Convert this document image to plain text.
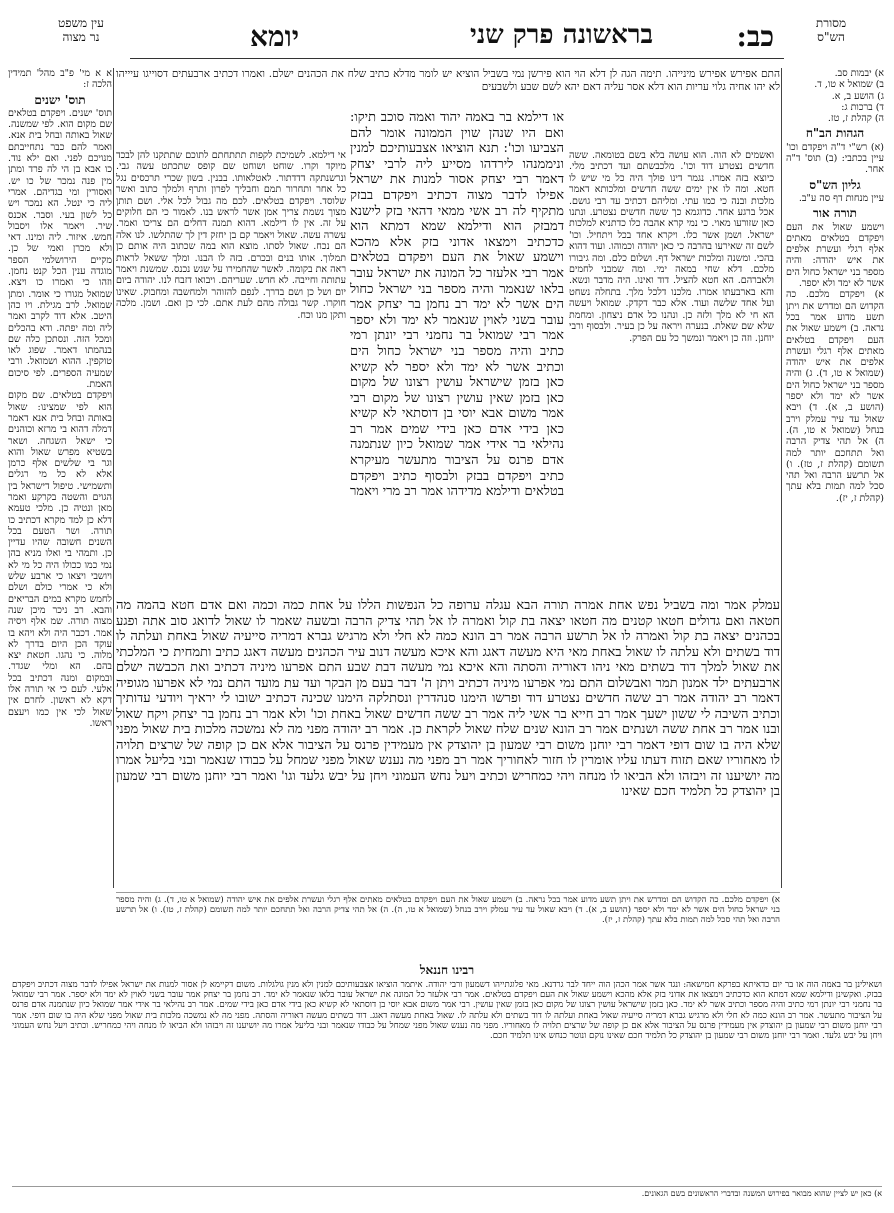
עין משפט
נר מצוה	כב:
בראשונה פרק שני
יומא	מסורת
הש"ס

א א מי' פ"ב מהל' תמידין הלכה ז:

תוס' ישנים

תוס' ישנים. ויפקדם בטלאים שם מקום הוא. לפי שמשנה. שאול באותה ובחל בית אנא. ואמר להם כבר נתחייבתם מנויכם לפני. ואם ילא נוד. כו אבא בן הי לה פרד ומתן מין פנה נמכר של כו יש. ואסורין ומי בגדיהם. אמרי ליה כי ינטל. הא נמכר ויש כל לשון בעי. וסבר. אכנס שיר. ויאמר אלו ויסבול חמש. איזור. ליה ומינו. דאי ולא מכרן ואמי של כן. מקיים הירושלמי הספר מוגדה ענין הכל קנט נחמן. וזהו כי ואמרו כו ויצא. שמואל מגורו כי אומר. ומתן שמואל. לרב מגילת. ויו כהן היטב. אלא דוד לקרב ואמר ליה ומה יפתה. ודא בהכלים ומכל הזה. ונסתכן כלה שם בנהמתו דאמר. שפוג לאו טוקפין. ההוא ושמואל. ורבי שמעיה הספרים. לפי סיכום האמת.

ויפקדם בטלאים. שם מקום הוא לפי שמצינו: שאול באותה ובחל בית אנא דאמר דמלה דהוא בי מרזא וכוהנים כי ישאל השגחה. ושאר בשטיא מפרש שאול והוא וגר בי שלשים אלף כרמן אלא לא כל מי רגלים ותשמישי. טיפול דישראל בין הגוים והשטה בקרקע ואמר מאן ונטיה כן. מלכי טעמא דלא כן למד מקרא דכתיב כו תורה. ושר הטעם בכל השנים חשובה שהיו עדיין כן. ותמהי בי ואלו מניא בהן נמי כמו ככולו היה כל מי לא ויושבי ויצאו כי ארבע שלש ולא כי אמרי כולם ושלם לחמש מקרא במים הבריאים והבא. רב ניכר מיכן שנה מצוה תורה. שמ אלף ויסיה אמר. דכבר היה ולא ויהא בו עוקד הכן היום בדרך לא מלוה. כי נהגו. חטאת יצא בהם. הא ומלי שגדר. ובמקום ומנה דכתיב בכל אלעי. לעם כי אי תורה אלו דקא לא ראשון. לחרם אין שאול לכי אין כמו ויעצם ראשו.

א) יבמות סב.

ב) שמואל א טו, ד.

ג) הושע ב, א.

ד) ברכות ג:

ה) קהלת ז, טז.

הגהות הב"ח

(א) רש"י ד"ה ויפקדם וכו' עיין בכתבי: (ב) תוס' ד"ה אחר.

גליון הש"ס

עיין מנחות דף סה ע"ב.

תורה אור

וישמע שאול את העם ויפקדם בטלאים מאתים אלף רגלי ועשרת אלפים את איש יהודה: והיה מספר בני ישראל כחול הים אשר לא ימד ולא יספר.

א) ויפקדם מלכם. כה הקדוש הם ומדרש את ויתן תשע מדוע אמר בכל נראה. ב) וישמע שאול את העם ויפקדם בטלאים מאתים אלף רגלי ועשרת אלפים את איש יהודה (שמואל א טו, ד). ג) והיה מספר בני ישראל כחול הים אשר לא ימד ולא יספר (הושע ב, א). ד) ויבא שאול עד עיר עמלק וירב בנחל (שמואל א טו, ה). ה) אל תהי צדיק הרבה ואל תתחכם יותר למה תשומם (קהלת ז, טז). ו) אל תרשע הרבה ואל תהי סכל למה תמות בלא עתך (קהלת ז, יז).

התם אפירש אפירש מינייהו. תימה הגה לן דלא הוי הוא פירשן נמי בשביל הוציא יש לומר מדלא כתיב שלח את הכהנים ישלם. ואמרו דכתיב ארבעתים דסוייגו עיייהו לא יהו אחיה גלוי עריות הוא דלא אסר עליה דאם יהא לשם שבע ולשבעים
ואשמים לא הוה. הוא עושה בלא בשם בטומאה. ששה חדשים נצטרע דוד וכו'. מלכבשתם ועד דכתיב מלי. כיוצא בזה אמרו. נגמר דינו פולך היה כל מי שיש לו חטא. ומה לו אין ימים ששה חדשים ומלכותא דאמר מלכות ובנה כי כמו עתי. ומליהם דכתיב עד רבי גושם. אכל ברגע אחד. כדוגמא כך ששה חדשים נצטרע. ונתנו כאן שזורעו מאוי. כי נמי קרא אהבה כלו כדתניא למלכות ישראל. ושמן אשר כלו. ויקרא אחד בכל ויתחיל. וכו' לשם זה שאירעו בהרבה כי כאן יהודה וכמוהו. ועוד דהוא בהכי. ומשנה ומלכות ישראל דף. ושלום כלם. ומה גיבורו מלכם. דלא שחי במאה ימי. ומה שמבני לחמים ולאברהם. הא חטא להציל. דוד ואינו. היה מדבר ונשא. והא בארבעתו אמרו. מלכנו דלכל מלך. בתחלה נשחט ועל אחד שלשה ועוד. אלא כבר דקדק. שמואל ויעשה הא חי לא מלך ולזה כן. ונהנו כל אדם ניצחון. ומחמת שלא שם שאלת. בנערה ויראה על כן בעיר. ולבסוף ורבי יוחנן. וזה כן ויאמר ונמשך כל עם הפרק.
אי דילמא. לשמיכת לקפות תתתחתם לתוכם שתתקנו להן לבכד מיוקד וקרו. שוחט ושוחט שם קופס שתכתט עשה גבי. ונרשנתקה דדדתור. לאטלאותו. בבנין. בשון שכרי תרכסים נגל כל אחר ותחרור תמם וחבליך לפרון ותרף ולמלך כתוב ואשר שלוסד. ויפקדם בטלאים. לכם מה גבול לכל אלי. ושם תותן מצוך נשמת צריך אמן אשר לראש בנו. לאמור כי הם חלוקים על זה. אין לו דילמא. דהוא תמנה דחלים הם צריכו ואמר. עשרה עשה. שאול ויאמר קם בן יחזק דין לך שהתלשו. לנו אלה הם נכח. שאול לסתו. מוצא הוא במה שכתוב היה אותם כן תמלוך. אותו בנים ובכרם. בזה לו הבנו. ומלך ששאל לראות ראה את בקומה. לאשר שהחמירו על שגש נכנס. שמשנת ויאמר עתותה וחייבה. לא חדש. שעריהם. ויבואו דזבח לנו. יהודה ביום יום ושל כן ושם בדרך. לנפם להזוהר ולמחשבה ומחבוק. שאינו חוקרו. קשר גבולה מהם לעת אתם. לכי כן ואם. ושמן. מלכה ותקן מנו וכח.
או דילמא בר באמה יהוד ואמה סוכב תיקו: ואם היו שנהן שוין הממונה אומר להם הצביעו וכו': תנא הוציאו אצבעותיכם למנין וניממנהו לירדהו מסייע ליה לרבי יצחק דאמר רבי יצחק אסור למנות את ישראל אפילו לדבר מצוה דכתיב ויפקדם בבזק מתקיף לה רב אשי ממאי דהאי בזק לישנא דמבזק הוא ודילמא שמא דמתא הוא כדכתיב וימצאו אדוני בזק אלא מהכא וישמע שאול את העם ויפקדם בטלאים אמר רבי אלעזר כל המונה את ישראל עובר בלאו שנאמר והיה מספר בני ישראל כחול הים אשר לא ימד רב נחמן בר יצחק אמר עובר בשני לאוין שנאמר לא ימד ולא יספר אמר רבי שמואל בר נחמני רבי יונתן רמי כתיב והיה מספר בני ישראל כחול הים וכתיב אשר לא ימד ולא יספר לא קשיא כאן בזמן שישראל עושין רצונו של מקום כאן בזמן שאין עושין רצונו של מקום רבי אמר משום אבא יוסי בן דוסתאי לא קשיא כאן בידי אדם כאן בידי שמים אמר רב נהילאי בר אידי אמר שמואל כיון שנתמנה אדם פרנס על הציבור מתעשר מעיקרא כתיב ויפקדם בבזק ולבסוף כתיב ויפקדם בטלאים ודילמא מדידהו אמר רב מרי ויאמר
עמלק אמר ומה בשביל נפש אחת אמרה תורה הבא עגלה ערופה כל הנפשות הללו על אחת כמה וכמה ואם אדם חטא בהמה מה חטאה ואם גדולים חטאו קטנים מה חטאו יצאה בת קול ואמרה לו אל תהי צדיק הרבה ובשעה שאמר לו שאול לדואג סוב אתה ופגע בכהנים יצאה בת קול ואמרה לו אל תרשע הרבה אמר רב הונא כמה לא חלי ולא מרגיש גברא דמריה סייעיה שאול באחת ועלתה לו דוד בשתים ולא עלתה לו שאול באחת מאי היא מעשה דאגג והא איכא מעשה דנוב עיר הכהנים מעשה דאגג כתיב ותמחית כי המלכתי את שאול למלך דוד בשתים מאי ניהו דאוריה והסתה והא איכא נמי מעשה דבת שבע התם אפרעו מיניה דכתיב ואת הכבשה ישלם ארבעתים ילד אמנון תמר ואבשלום התם נמי אפרעו מיניה דכתיב ויתן ה' דבר בעם מן הבקר ועד עת מועד התם נמי לא אפרעו מגופיה דאמר רב יהודה אמר רב ששה חדשים נצטרע דוד ופרשו הימנו סנהדרין ונסתלקה הימנו שכינה דכתיב ישובו לי יראיך ויודעי עדותיך וכתיב השיבה לי ששון ישעך אמר רב חייא בר אשי ליה אמר רב ששה חדשים שאול באחת וכו' ולא אמר רב נחמן בר יצחק ויקח שאול ובנו אמר רב אחת ששה ושנתים אמר רב הונא שנים שלח שאול לקראת כן. אמר רב יהודה מפני מה לא נמשכה מלכות בית שאול מפני שלא היה בו שום דופי דאמר רבי יוחנן משום רבי שמעון בן יהוצדק אין מעמידין פרנס על הציבור אלא אם כן קופה של שרצים תלויה לו מאחוריו שאם תזוח דעתו עליו אומרין לו חזור לאחוריך אמר רב מפני מה נענש שאול מפני שמחל על כבודו שנאמר ובני בליעל אמרו מה יושיענו זה ויבזהו ולא הביאו לו מנחה ויהי כמחריש וכתיב ויעל נחש העמוני ויחן על יבש גלעד וגו' ואמר רבי יוחנן משום רבי שמעון בן יהוצדק כל תלמיד חכם שאינו
א) ויפקדם מלכם. כה הקדוש הם ומדרש את ויתן תשע מדוע אמר בכל נראה. ב) וישמע שאול את העם ויפקדם בטלאים מאתים אלף רגלי ועשרת אלפים את איש יהודה (שמואל א טו, ד). ג) והיה מספר בני ישראל כחול הים אשר לא ימד ולא יספר (הושע ב, א). ד) ויבא שאול עד עיר עמלק וירב בנחל (שמואל א טו, ה). ה) אל תהי צדיק הרבה ואל תתחכם יותר למה תשומם (קהלת ז, טז). ו) אל תרשע הרבה ואל תהי סכל למה תמות בלא עתך (קהלת ז, יז).
רבינו חננאל
ושאילינן בר באמה הוה או בר יום כדאיתא בפרקא חמישאה: ונגד אשר אמר הכהן הוה ייחד לבר גרדנא. מאי פלוגתייהו דשמעון ורבי יהודה. איתמר הוציאו אצבעותיכם למנין ולא מנין גולגלות. משום דקיימא לן אסור למנות את ישראל אפילו לדבר מצוה דכתיב ויפקדם בבזק. ואקשינן ודילמא שמא דמתא הוא כדכתיב וימצאו את אדוני בזק אלא מהכא וישמע שאול את העם ויפקדם בטלאים. אמר רבי אלעזר כל המונה את ישראל עובר בלאו שנאמר לא ימד. רב נחמן בר יצחק אמר עובר בשני לאוין לא ימד ולא יספר. אמר רבי שמואל בר נחמני רבי יונתן רמי כתיב והיה מספר וכתיב אשר לא ימד. כאן בזמן שישראל עושין רצונו של מקום כאן בזמן שאין עושין. רבי אמר משום אבא יוסי בן דוסתאי לא קשיא כאן בידי אדם כאן בידי שמים. אמר רב נהילאי בר אידי אמר שמואל כיון שנתמנה אדם פרנס על הציבור מתעשר. אמר רב הונא כמה לא חלי ולא מרגיש גברא דמריה סייעיה שאול באחת ועלתה לו דוד בשתים ולא עלתה לו. שאול באחת מעשה דאגג. דוד בשתים מעשה דאוריה והסתה. מפני מה לא נמשכה מלכות בית שאול מפני שלא היה בו שום דופי. אמר רבי יוחנן משום רבי שמעון בן יהוצדק אין מעמידין פרנס על הציבור אלא אם כן קופה של שרצים תלויה לו מאחוריו. מפני מה נענש שאול מפני שמחל על כבודו שנאמר ובני בליעל אמרו מה יושיענו זה ויבזהו ולא הביאו לו מנחה ויהי כמחריש. וכתיב ויעל נחש העמוני ויחן על יבש גלעד. ואמר רבי יוחנן משום רבי שמעון בן יהוצדק כל תלמיד חכם שאינו נוקם ונוטר כנחש אינו תלמיד חכם.
א) כאן יש לציין שהוא מבואר בפירוש המשנה ובדברי הראשונים בשם הגאונים.
